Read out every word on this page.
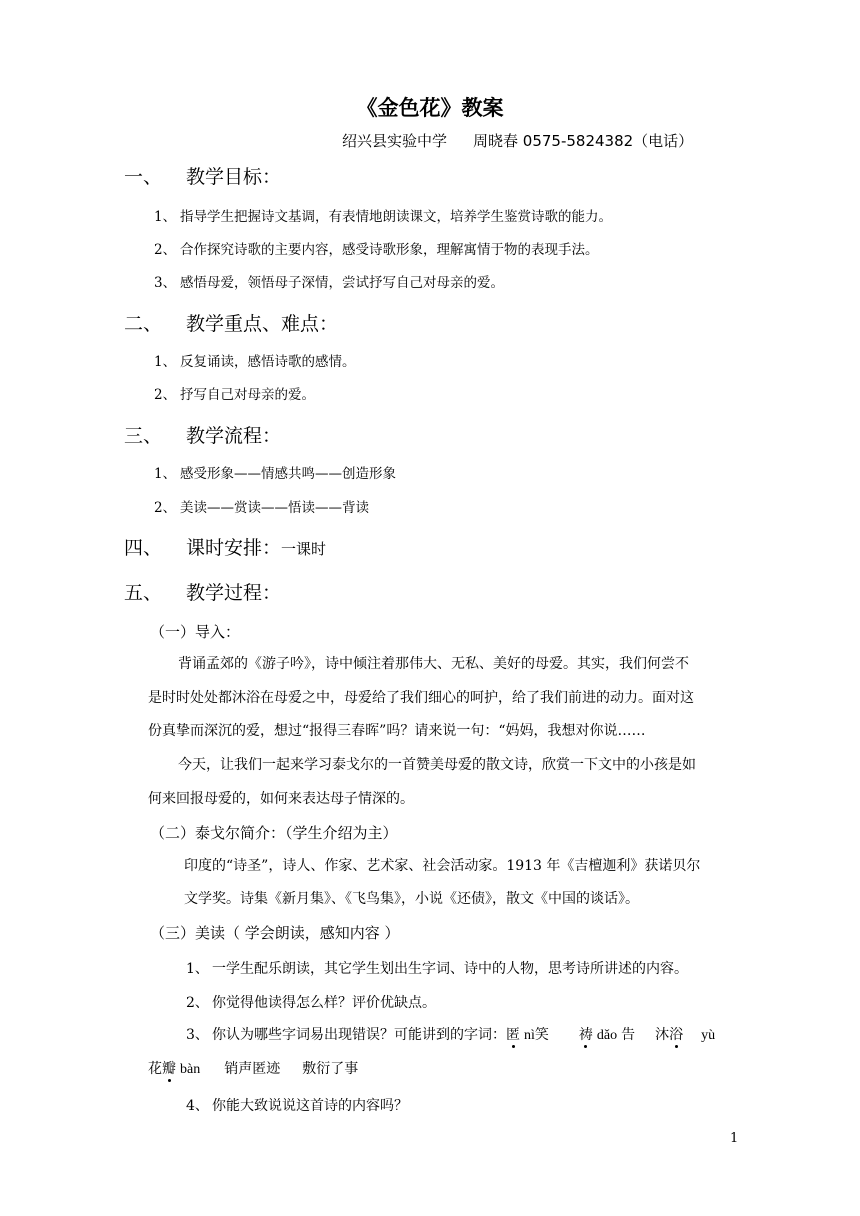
《金色花》教案
绍兴县实验中学 周晓春 0575-5824382（电话）
一、 教学目标：
1、 指导学生把握诗文基调，有表情地朗读课文，培养学生鉴赏诗歌的能力。
2、 合作探究诗歌的主要内容，感受诗歌形象，理解寓情于物的表现手法。
3、 感悟母爱，领悟母子深情，尝试抒写自己对母亲的爱。
二、 教学重点、难点：
1、 反复诵读，感悟诗歌的感情。
2、 抒写自己对母亲的爱。
三、 教学流程：
1、 感受形象——情感共鸣——创造形象
2、 美读——赏读——悟读——背读
四、 课时安排：一课时
五、 教学过程：
（一）导入：
背诵孟郊的《游子吟》，诗中倾注着那伟大、无私、美好的母爱。其实，我们何尝不
是时时处处都沐浴在母爱之中，母爱给了我们细心的呵护，给了我们前进的动力。面对这
份真挚而深沉的爱，想过“报得三春晖”吗？请来说一句：“妈妈，我想对你说……
今天，让我们一起来学习泰戈尔的一首赞美母爱的散文诗，欣赏一下文中的小孩是如
何来回报母爱的，如何来表达母子情深的。
（二）泰戈尔简介：（学生介绍为主）
印度的“诗圣”，诗人、作家、艺术家、社会活动家。1913 年《吉檀迦利》获诺贝尔
文学奖。诗集《新月集》、《飞鸟集》，小说《还债》，散文《中国的谈话》。
（三）美读（ 学会朗读，感知内容 ）
1、 一学生配乐朗读，其它学生划出生字词、诗中的人物，思考诗所讲述的内容。
2、 你觉得他读得怎么样？评价优缺点。
3、 你认为哪些字词易出现错误？可能讲到的字词：匿 nì笑 祷 dǎo 告 沐浴 yù
花瓣 bàn 销声匿迹 敷衍了事
4、 你能大致说说这首诗的内容吗？
1
